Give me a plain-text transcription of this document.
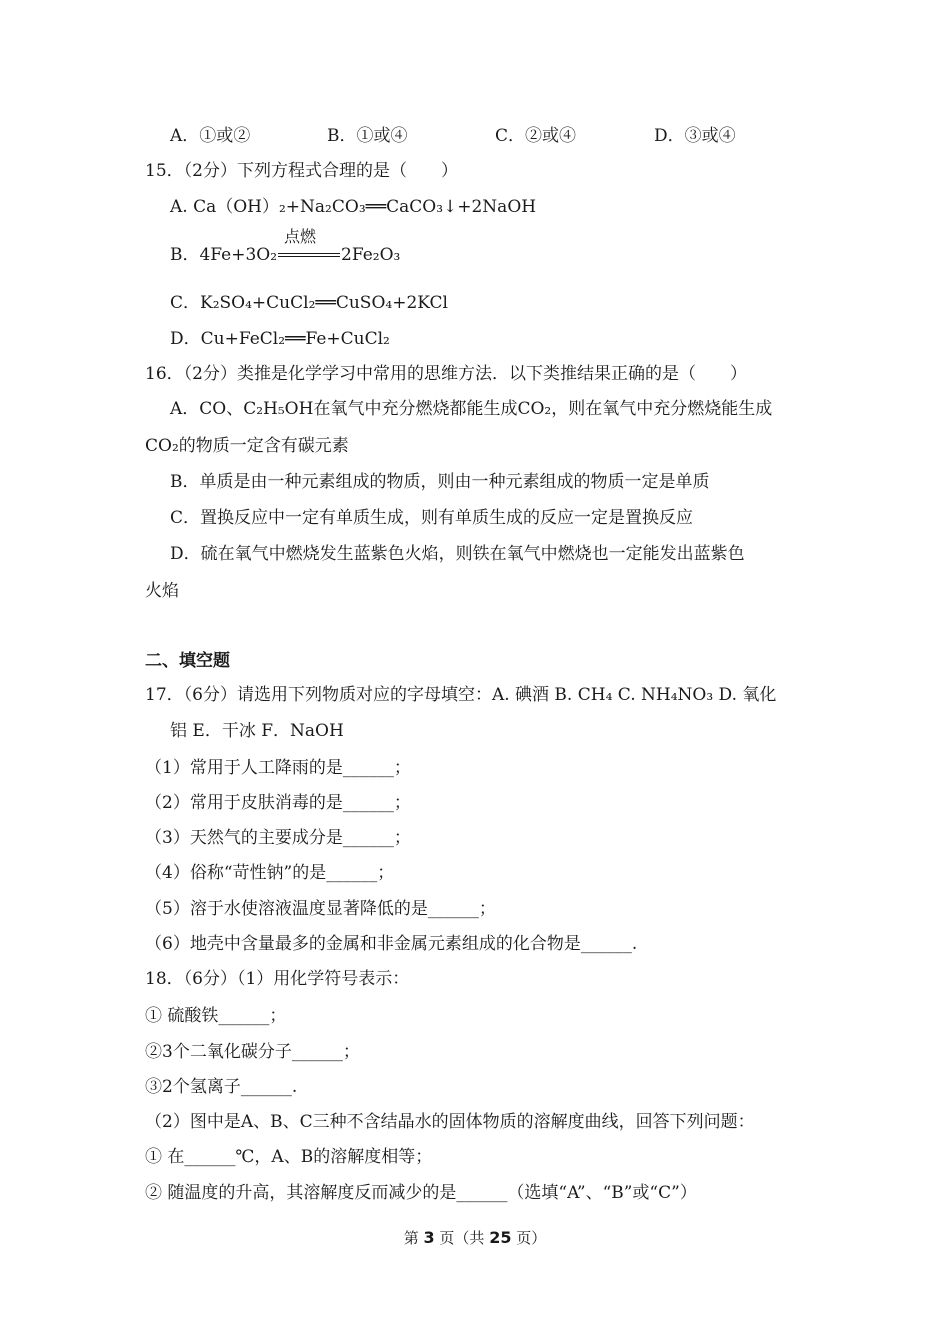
A．①或②	B．①或④	C．②或④	D．③或④
15．（2分）下列方程式合理的是（　　）
A. Ca（OH）₂+Na₂CO₃══CaCO₃↓+2NaOH
B．4Fe+3O₂
点燃
2Fe₂O₃
C．K₂SO₄+CuCl₂══CuSO₄+2KCl
D．Cu+FeCl₂══Fe+CuCl₂
16．（2分）类推是化学学习中常用的思维方法．以下类推结果正确的是（　　）
A．CO、C₂H₅OH在氧气中充分燃烧都能生成CO₂，则在氧气中充分燃烧能生成
CO₂的物质一定含有碳元素
B．单质是由一种元素组成的物质，则由一种元素组成的物质一定是单质
C．置换反应中一定有单质生成，则有单质生成的反应一定是置换反应
D．硫在氧气中燃烧发生蓝紫色火焰，则铁在氧气中燃烧也一定能发出蓝紫色
火焰
二、填空题
17．（6分）请选用下列物质对应的字母填空：A. 碘酒 B. CH₄ C. NH₄NO₃ D. 氧化
铝 E．干冰 F．NaOH
（1）常用于人工降雨的是______；
（2）常用于皮肤消毒的是______；
（3）天然气的主要成分是______；
（4）俗称“苛性钠”的是______；
（5）溶于水使溶液温度显著降低的是______；
（6）地壳中含量最多的金属和非金属元素组成的化合物是______.
18．（6分）（1）用化学符号表示：
① 硫酸铁______；
②3个二氧化碳分子______；
③2个氢离子______.
（2）图中是A、B、C三种不含结晶水的固体物质的溶解度曲线，回答下列问题：
① 在______℃，A、B的溶解度相等；
② 随温度的升高，其溶解度反而减少的是______（选填“A”、“B”或“C”）
第 3 页（共 25 页）
